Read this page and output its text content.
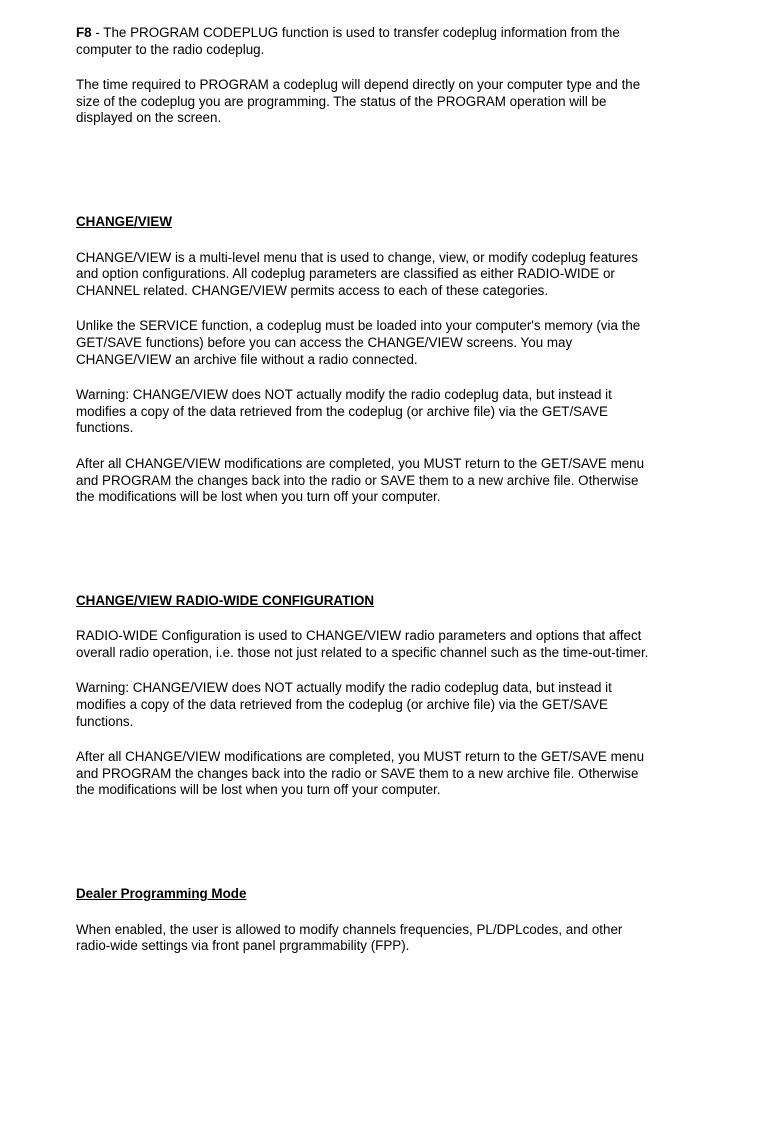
F8 - The PROGRAM CODEPLUG function is used to transfer codeplug information from the
computer to the radio codeplug.

The time required to PROGRAM a codeplug will depend directly on your computer type and the
size of the codeplug you are programming. The status of the PROGRAM operation will be
displayed on the screen.

CHANGE/VIEW

CHANGE/VIEW is a multi-level menu that is used to change, view, or modify codeplug features
and option configurations. All codeplug parameters are classified as either RADIO-WIDE or
CHANNEL related. CHANGE/VIEW permits access to each of these categories.

Unlike the SERVICE function, a codeplug must be loaded into your computer's memory (via the
GET/SAVE functions) before you can access the CHANGE/VIEW screens. You may
CHANGE/VIEW an archive file without a radio connected.

Warning: CHANGE/VIEW does NOT actually modify the radio codeplug data, but instead it
modifies a copy of the data retrieved from the codeplug (or archive file) via the GET/SAVE
functions.

After all CHANGE/VIEW modifications are completed, you MUST return to the GET/SAVE menu
and PROGRAM the changes back into the radio or SAVE them to a new archive file. Otherwise
the modifications will be lost when you turn off your computer.

CHANGE/VIEW RADIO-WIDE CONFIGURATION

RADIO-WIDE Configuration is used to CHANGE/VIEW radio parameters and options that affect
overall radio operation, i.e. those not just related to a specific channel such as the time-out-timer.

Warning: CHANGE/VIEW does NOT actually modify the radio codeplug data, but instead it
modifies a copy of the data retrieved from the codeplug (or archive file) via the GET/SAVE
functions.

After all CHANGE/VIEW modifications are completed, you MUST return to the GET/SAVE menu
and PROGRAM the changes back into the radio or SAVE them to a new archive file. Otherwise
the modifications will be lost when you turn off your computer.

Dealer Programming Mode

When enabled, the user is allowed to modify channels frequencies, PL/DPLcodes, and other
radio-wide settings via front panel prgrammability (FPP).
